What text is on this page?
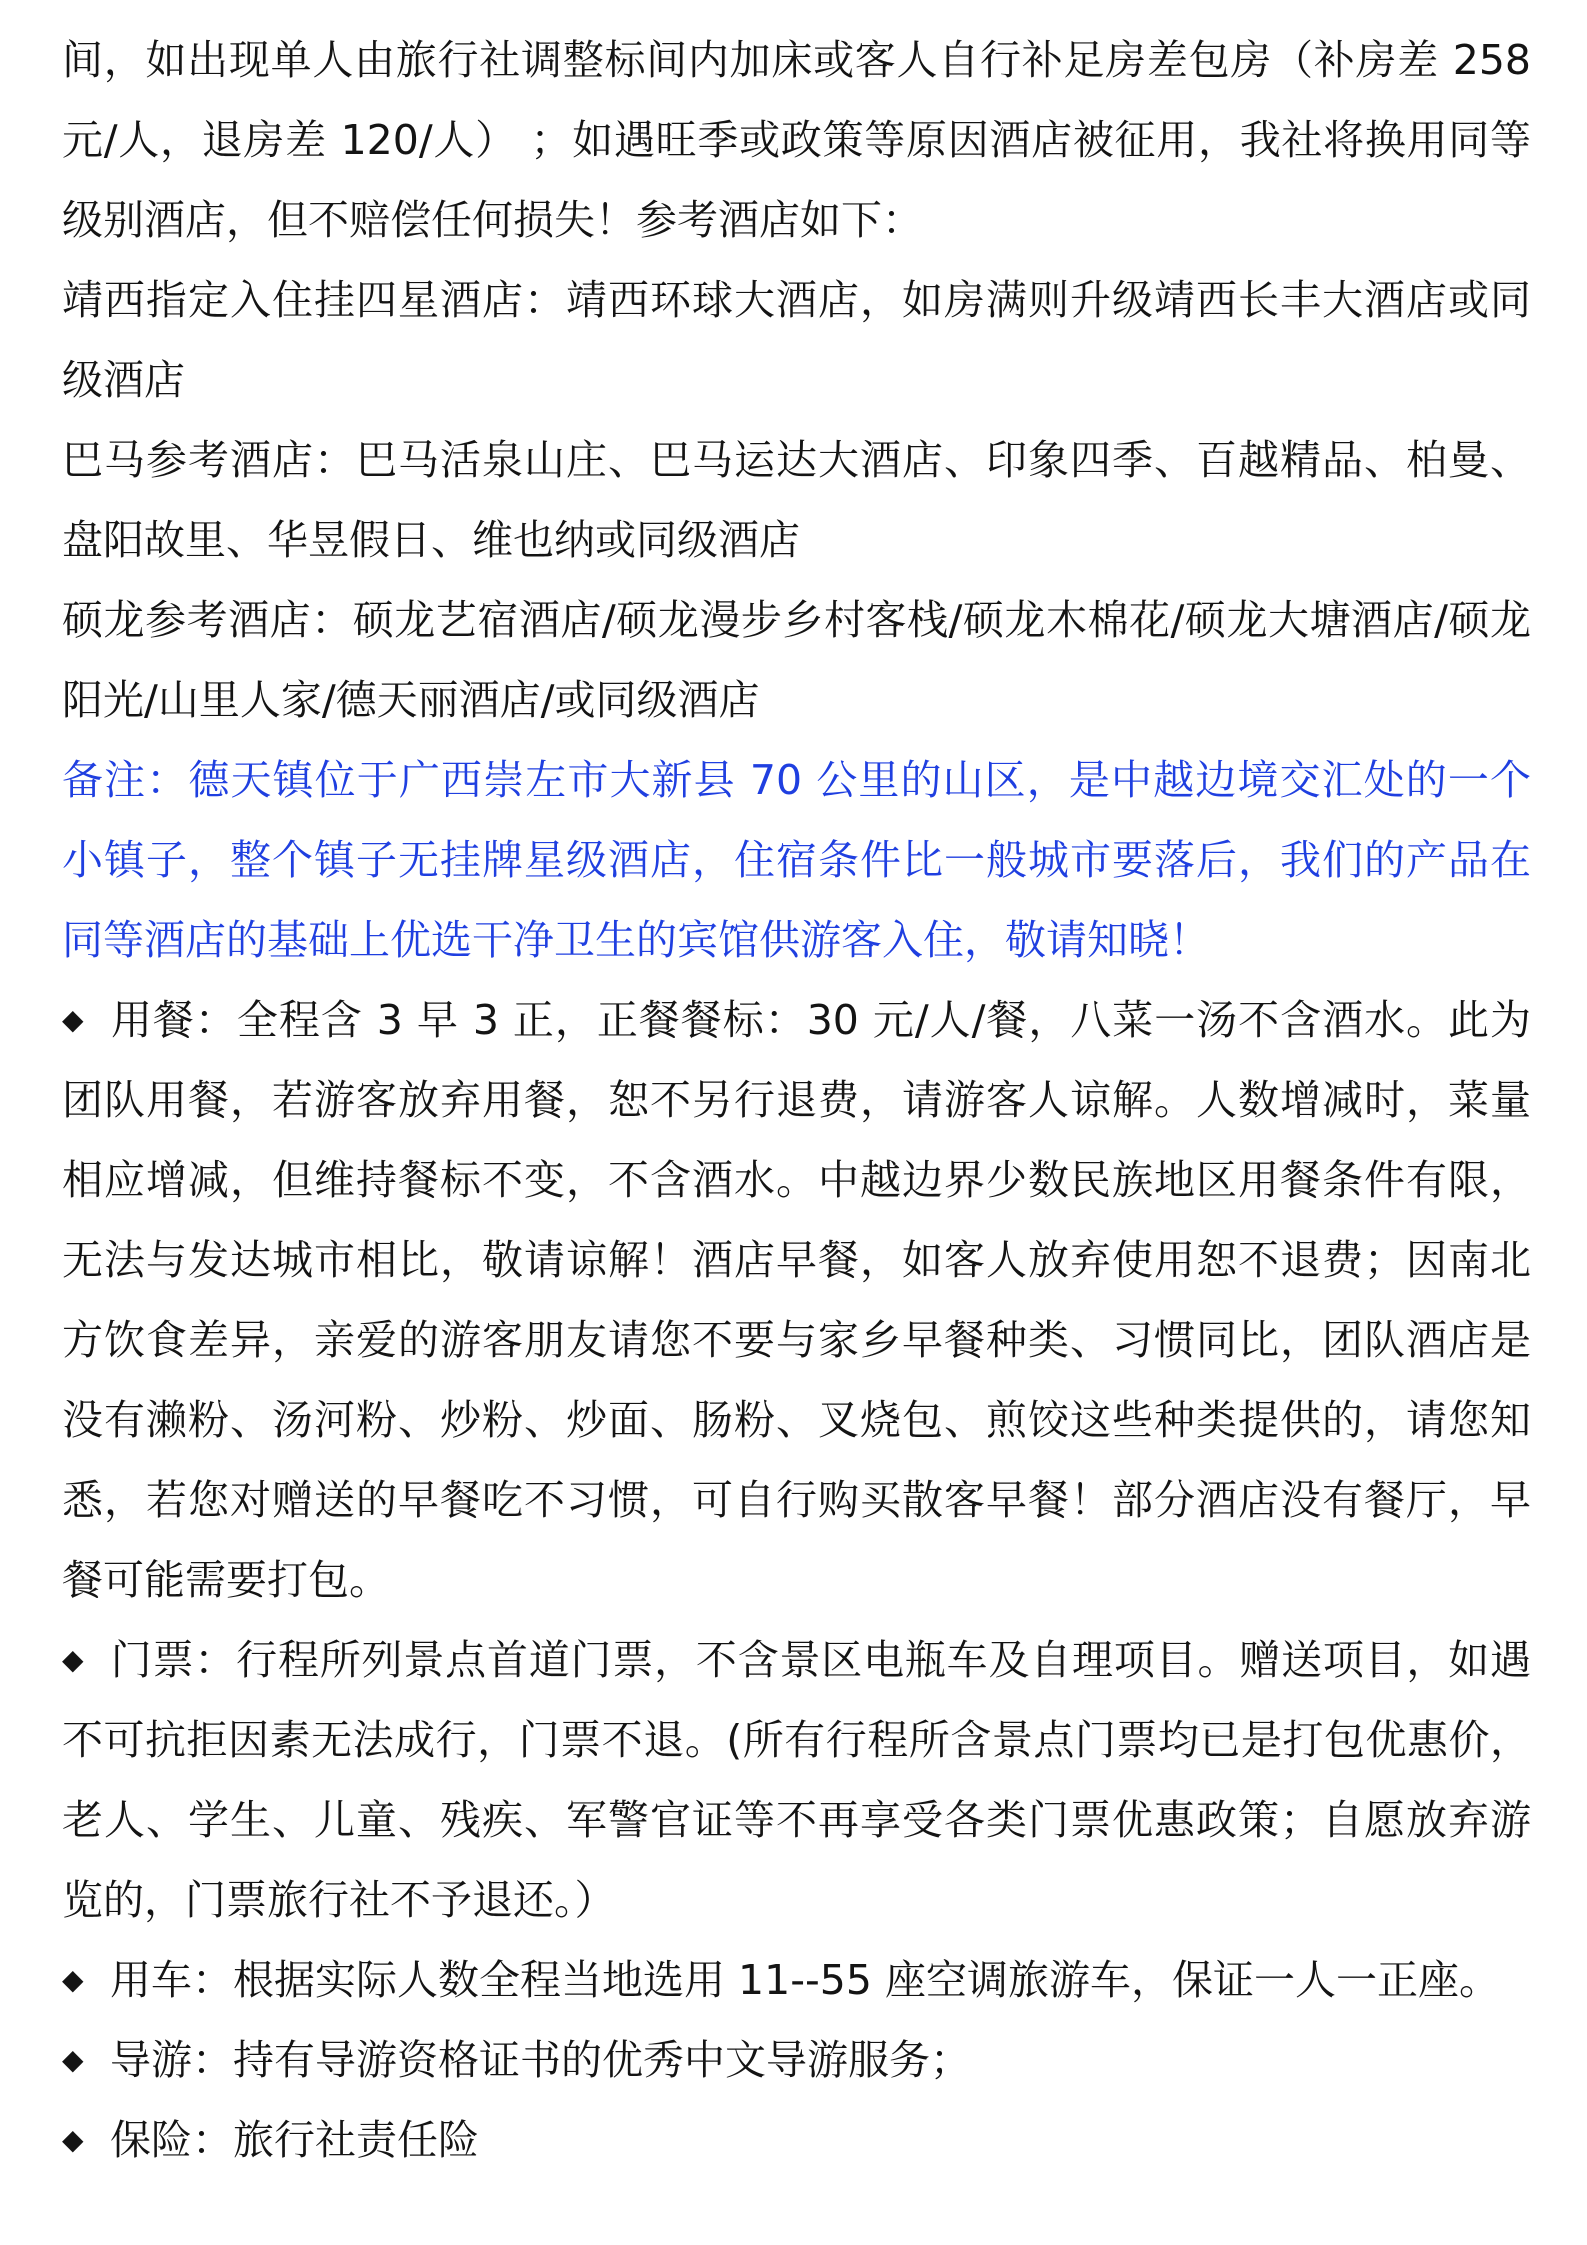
间，如出现单人由旅行社调整标间内加床或客人自行补足房差包房（补房差 258 元/人，退房差 120/人） ；如遇旺季或政策等原因酒店被征用，我社将换用同等级别酒店，但不赔偿任何损失！参考酒店如下：

靖西指定入住挂四星酒店：靖西环球大酒店，如房满则升级靖西长丰大酒店或同级酒店

巴马参考酒店：巴马活泉山庄、巴马运达大酒店、印象四季、百越精品、柏曼、盘阳故里、华昱假日、维也纳或同级酒店

硕龙参考酒店：硕龙艺宿酒店/硕龙漫步乡村客栈/硕龙木棉花/硕龙大塘酒店/硕龙阳光/山里人家/德天丽酒店/或同级酒店

备注：德天镇位于广西崇左市大新县 70 公里的山区，是中越边境交汇处的一个小镇子，整个镇子无挂牌星级酒店，住宿条件比一般城市要落后，我们的产品在同等酒店的基础上优选干净卫生的宾馆供游客入住，敬请知晓！

◆ 用餐：全程含 3 早 3 正，正餐餐标：30 元/人/餐，八菜一汤不含酒水。此为团队用餐，若游客放弃用餐，恕不另行退费，请游客人谅解。人数增减时，菜量相应增减，但维持餐标不变，不含酒水。中越边界少数民族地区用餐条件有限，无法与发达城市相比，敬请谅解！酒店早餐，如客人放弃使用恕不退费；因南北方饮食差异，亲爱的游客朋友请您不要与家乡早餐种类、习惯同比，团队酒店是没有濑粉、汤河粉、炒粉、炒面、肠粉、叉烧包、煎饺这些种类提供的，请您知悉，若您对赠送的早餐吃不习惯，可自行购买散客早餐！部分酒店没有餐厅，早餐可能需要打包。

◆ 门票：行程所列景点首道门票，不含景区电瓶车及自理项目。赠送项目，如遇不可抗拒因素无法成行，门票不退。(所有行程所含景点门票均已是打包优惠价，老人、学生、儿童、残疾、军警官证等不再享受各类门票优惠政策；自愿放弃游览的，门票旅行社不予退还。）

◆ 用车：根据实际人数全程当地选用 11--55 座空调旅游车，保证一人一正座。

◆ 导游：持有导游资格证书的优秀中文导游服务；

◆ 保险：旅行社责任险
